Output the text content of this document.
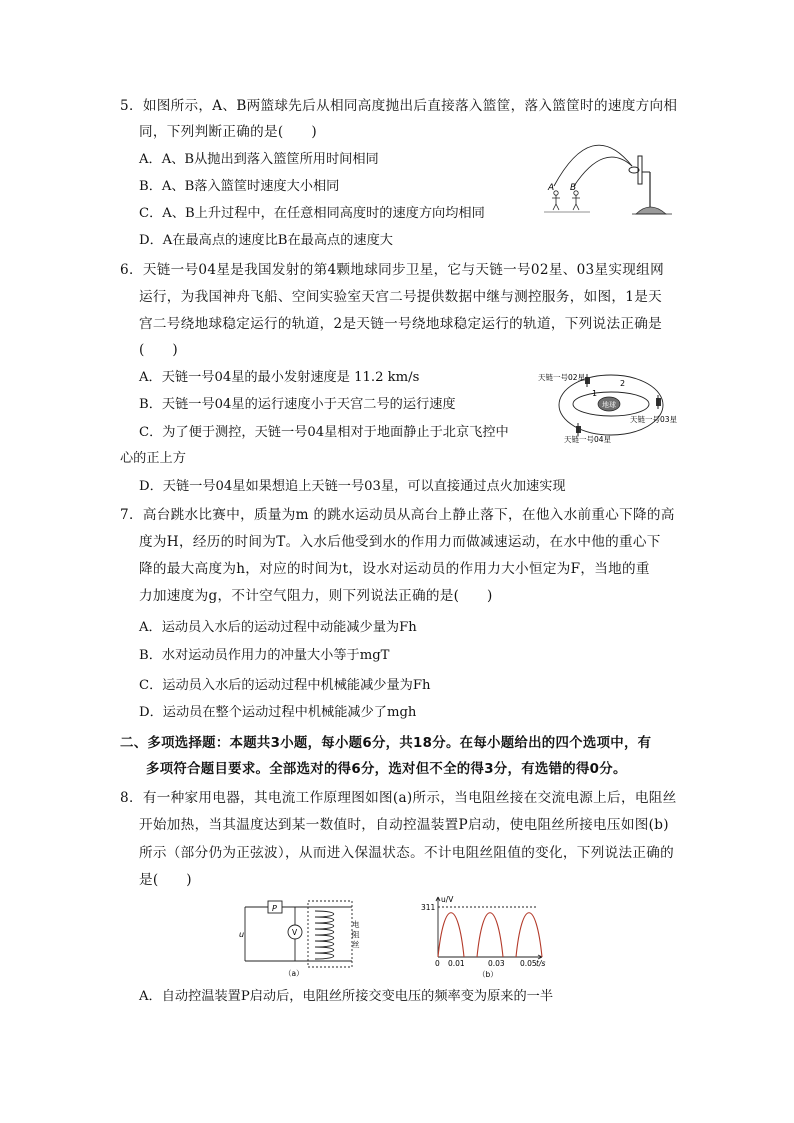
5．如图所示，A、B两篮球先后从相同高度抛出后直接落入篮筐，落入篮筐时的速度方向相
同，下列判断正确的是(　　)
A．A、B从抛出到落入篮筐所用时间相同
B．A、B落入篮筐时速度大小相同
C．A、B上升过程中，在任意相同高度时的速度方向均相同
D．A在最高点的速度比B在最高点的速度大
A B
6．天链一号04星是我国发射的第4颗地球同步卫星，它与天链一号02星、03星实现组网
运行，为我国神舟飞船、空间实验室天宫二号提供数据中继与测控服务，如图，1是天
宫二号绕地球稳定运行的轨道，2是天链一号绕地球稳定运行的轨道，下列说法正确是
(　　)
A．天链一号04星的最小发射速度是 11.2 km/s
B．天链一号04星的运行速度小于天宫二号的运行速度
C．为了便于测控，天链一号04星相对于地面静止于北京飞控中
心的正上方
D．天链一号04星如果想追上天链一号03星，可以直接通过点火加速实现
地球
天链一号02星
天链一号03星
天链一号04星
2
1
7．高台跳水比赛中，质量为m 的跳水运动员从高台上静止落下，在他入水前重心下降的高
度为H，经历的时间为T。入水后他受到水的作用力而做减速运动，在水中他的重心下
降的最大高度为h，对应的时间为t，设水对运动员的作用力大小恒定为F，当地的重
力加速度为g，不计空气阻力，则下列说法正确的是(　　)
A．运动员入水后的运动过程中动能减少量为Fh
B．水对运动员作用力的冲量大小等于mgT
C．运动员入水后的运动过程中机械能减少量为Fh
D．运动员在整个运动过程中机械能减少了mgh
二、多项选择题：本题共3小题，每小题6分，共18分。在每小题给出的四个选项中，有
多项符合题目要求。全部选对的得6分，选对但不全的得3分，有选错的得0分。
8．有一种家用电器，其电流工作原理图如图(a)所示，当电阻丝接在交流电源上后，电阻丝
开始加热，当其温度达到某一数值时，自动控温装置P启动，使电阻丝所接电压如图(b)
所示（部分仍为正弦波），从而进入保温状态。不计电阻丝阻值的变化，下列说法正确的
是(　　)
P
u	V
电
阻
丝
（a）
u/V
311
0 0.01	0.03 0.05 t/s
（b）
A．自动控温装置P启动后，电阻丝所接交变电压的频率变为原来的一半
